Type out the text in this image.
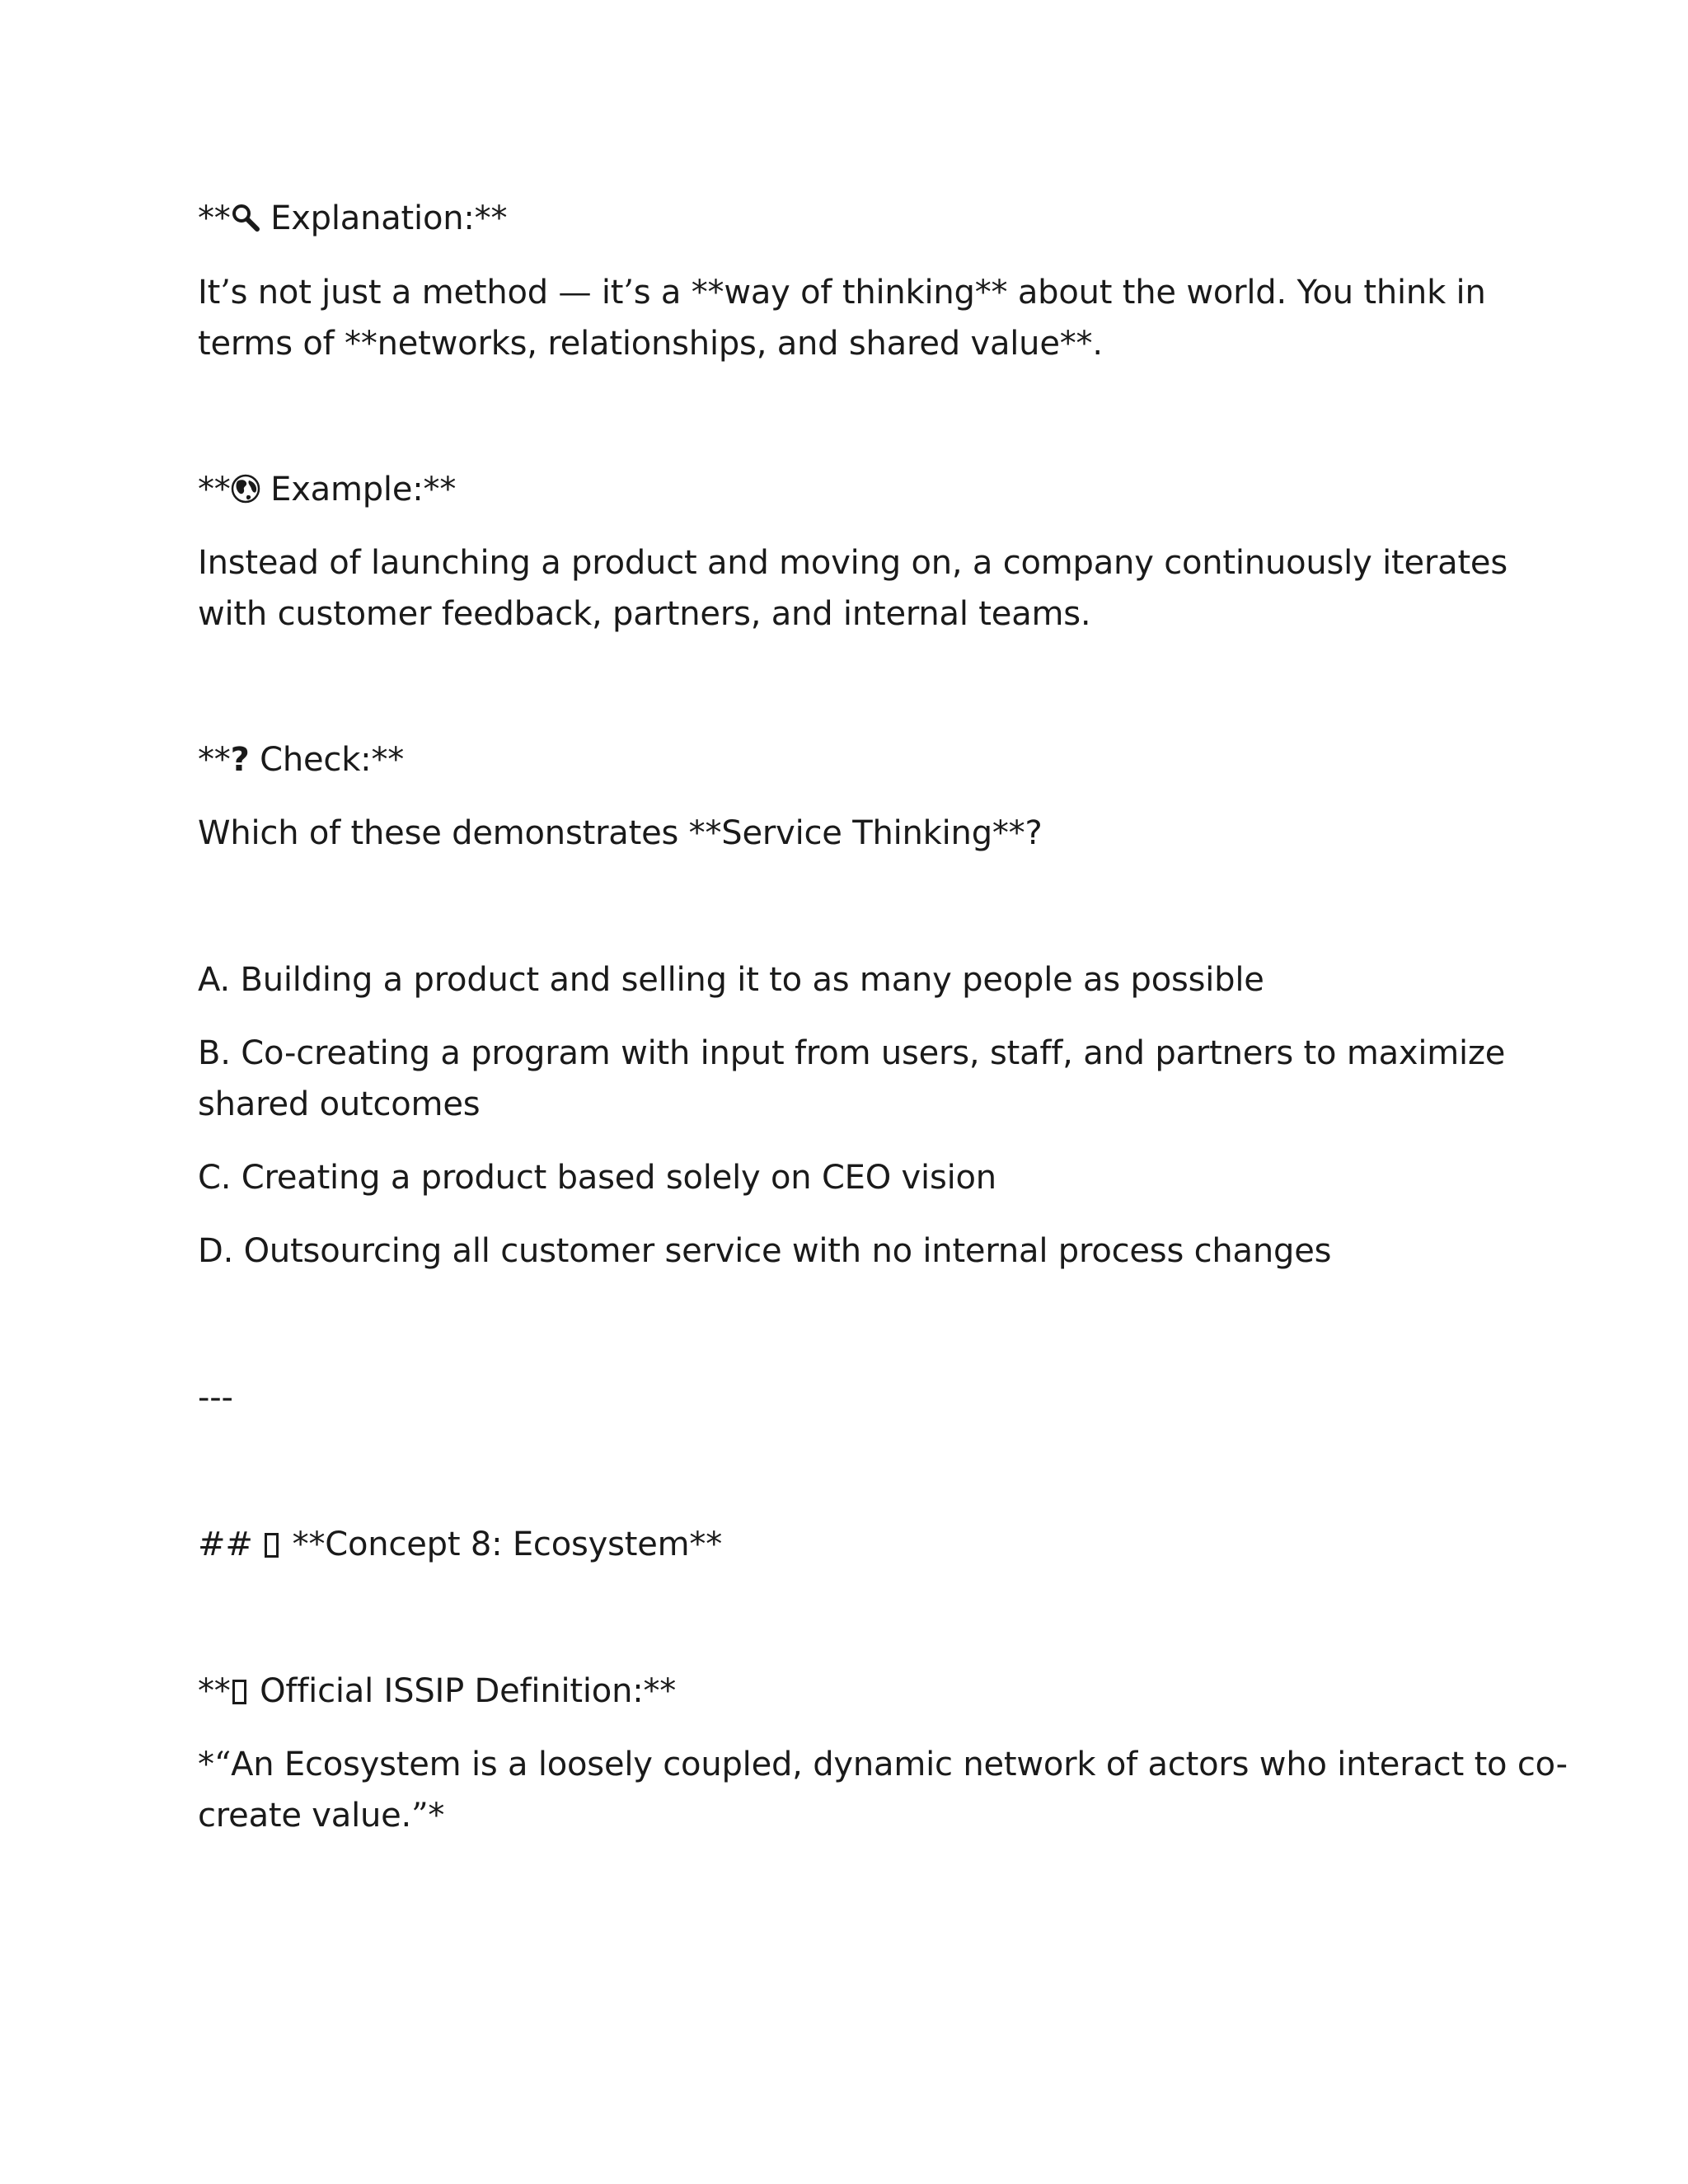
**
Explanation:**
It’s not just a method — it’s a **way of thinking** about the world. You think in
terms of **networks, relationships, and shared value**.
**
Example:**
Instead of launching a product and moving on, a company continuously iterates
with customer feedback, partners, and internal teams.
**? Check:**
Which of these demonstrates **Service Thinking**?
A. Building a product and selling it to as many people as possible
B. Co-creating a program with input from users, staff, and partners to maximize
shared outcomes
C. Creating a product based solely on CEO vision
D. Outsourcing all customer service with no internal process changes
---
##  **Concept 8: Ecosystem**
** Official ISSIP Definition:**
*“An Ecosystem is a loosely coupled, dynamic network of actors who interact to co-
create value.”*
